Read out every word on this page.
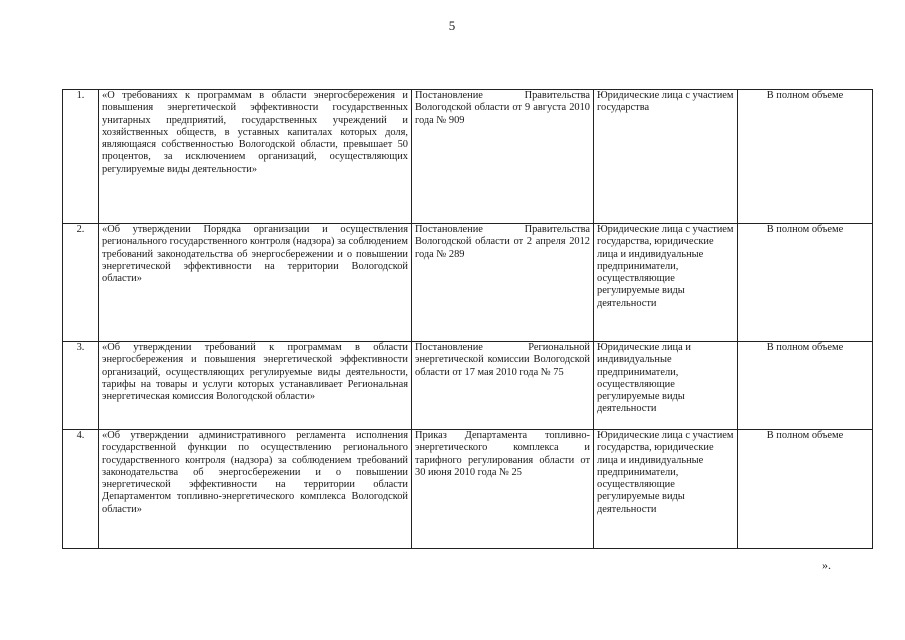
5
1.	«О требованиях к программам в области энергосбережения и повышения энергетической эффективности государственных унитарных предприятий, государственных учреждений и хозяйственных обществ, в уставных капиталах которых доля, являющаяся собственностью Вологодской области, превышает 50 процентов, за исключением организаций, осуществляющих регулируемые виды деятельности»	Постановление Правительства Вологодской области от 9 августа 2010 года № 909	Юридические лица с участием государства	В полном объеме
2.	«Об утверждении Порядка организации и осуществления регионального государственного контроля (надзора) за соблюдением требований законодательства об энергосбережении и о повышении энергетической эффективности на территории Вологодской области»	Постановление Правительства Вологодской области от 2 апреля 2012 года № 289	Юридические лица с участием государства, юридические лица и индивидуальные предприниматели, осуществляющие регулируемые виды деятельности	В полном объеме
3.	«Об утверждении требований к программам в области энергосбережения и повышения энергетической эффективности организаций, осуществляющих регулируемые виды деятельности, тарифы на товары и услуги которых устанавливает Региональная энергетическая комиссия Вологодской области»	Постановление Региональной энергетической комиссии Вологодской области от 17 мая 2010 года № 75	Юридические лица и индивидуальные предприниматели, осуществляющие регулируемые виды деятельности	В полном объеме
4.	«Об утверждении административного регламента исполнения государственной функции по осуществлению регионального государственного контроля (надзора) за соблюдением требований законодательства об энергосбережении и о повышении энергетической эффективности на территории области Департаментом топливно-энергетического комплекса Вологодской области»	Приказ Департамента топливно-энергетического комплекса и тарифного регулирования области от 30 июня 2010 года № 25	Юридические лица с участием государства, юридические лица и индивидуальные предприниматели, осуществляющие регулируемые виды деятельности	В полном объеме
».
